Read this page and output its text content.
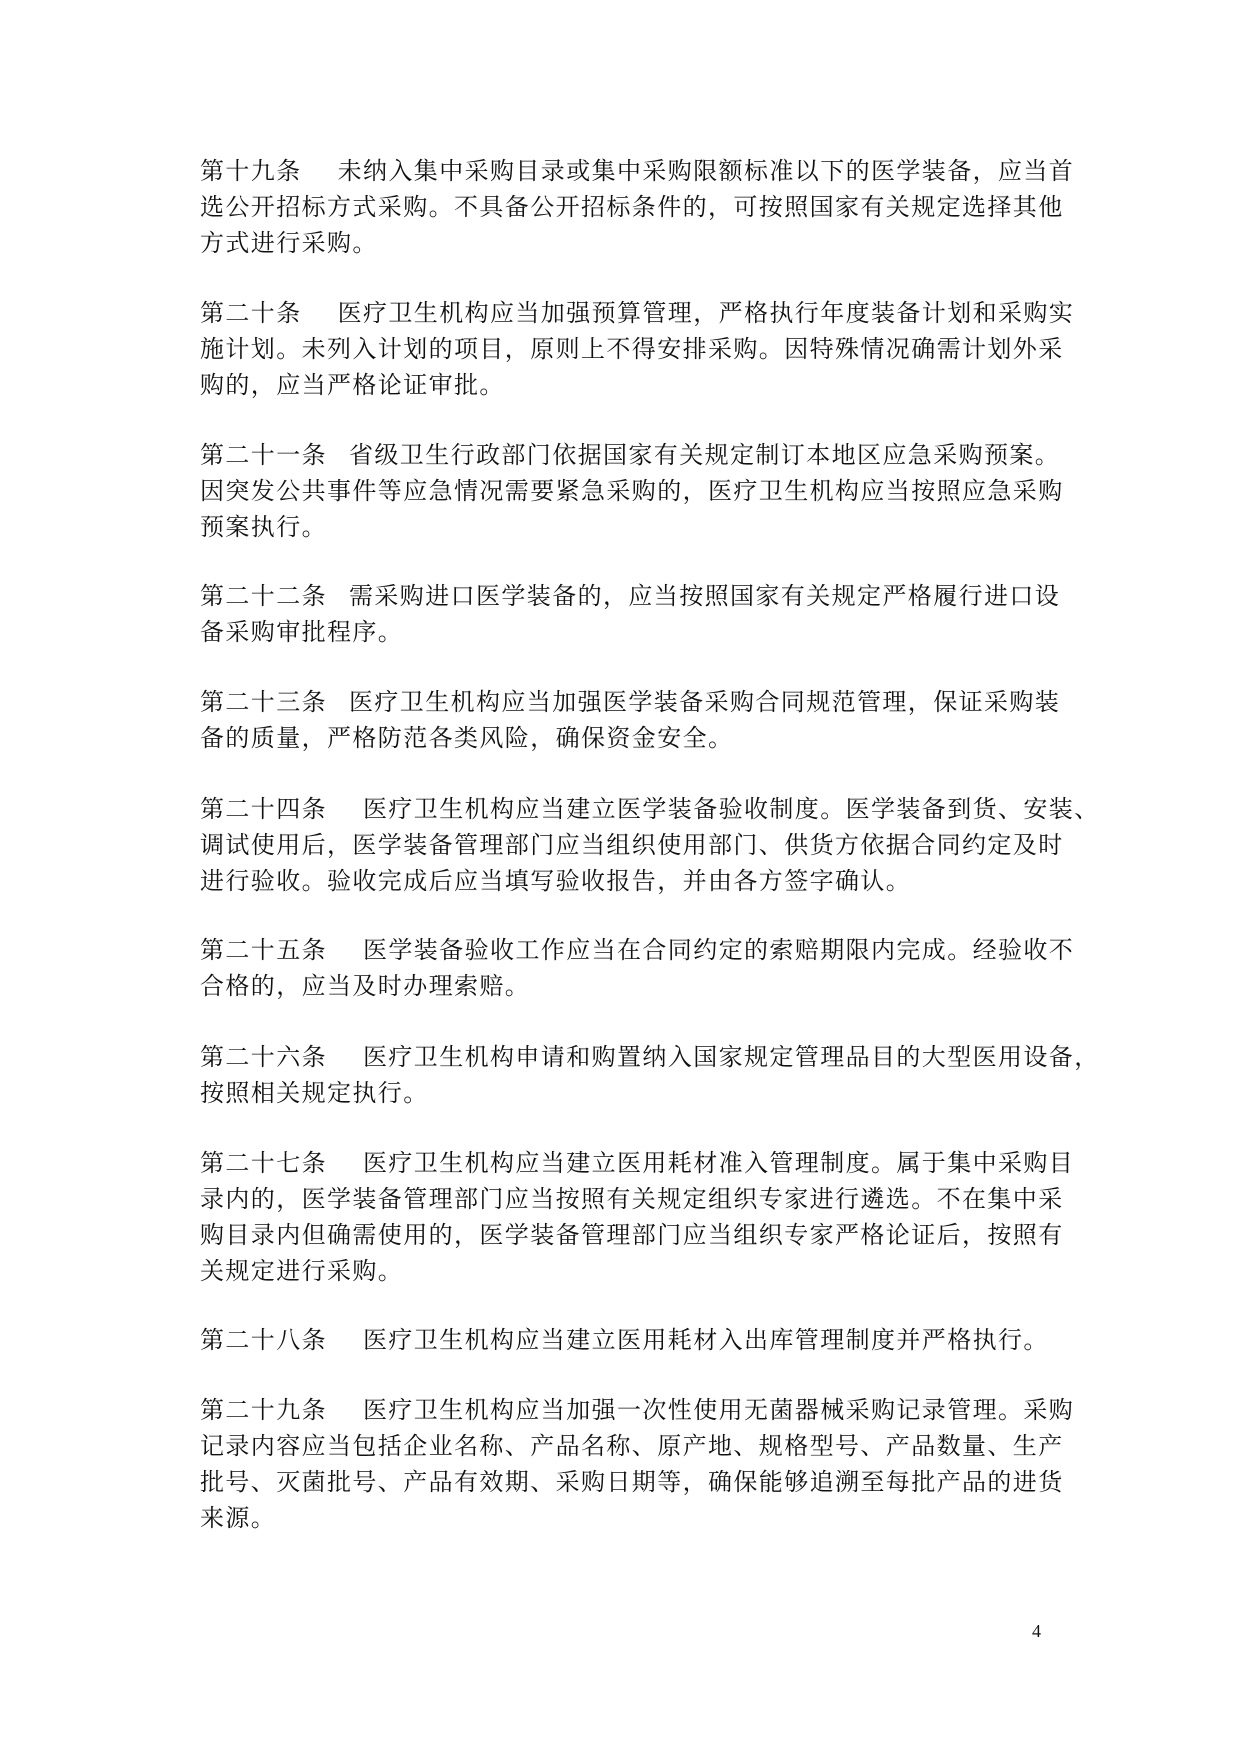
第十九条 未纳入集中采购目录或集中采购限额标准以下的医学装备，应当首
选公开招标方式采购。不具备公开招标条件的，可按照国家有关规定选择其他
方式进行采购。
第二十条 医疗卫生机构应当加强预算管理，严格执行年度装备计划和采购实
施计划。未列入计划的项目，原则上不得安排采购。因特殊情况确需计划外采
购的，应当严格论证审批。
第二十一条 省级卫生行政部门依据国家有关规定制订本地区应急采购预案。
因突发公共事件等应急情况需要紧急采购的，医疗卫生机构应当按照应急采购
预案执行。
第二十二条 需采购进口医学装备的，应当按照国家有关规定严格履行进口设
备采购审批程序。
第二十三条 医疗卫生机构应当加强医学装备采购合同规范管理，保证采购装
备的质量，严格防范各类风险，确保资金安全。
第二十四条 医疗卫生机构应当建立医学装备验收制度。医学装备到货、安装、
调试使用后，医学装备管理部门应当组织使用部门、供货方依据合同约定及时
进行验收。验收完成后应当填写验收报告，并由各方签字确认。
第二十五条 医学装备验收工作应当在合同约定的索赔期限内完成。经验收不
合格的，应当及时办理索赔。
第二十六条 医疗卫生机构申请和购置纳入国家规定管理品目的大型医用设备，
按照相关规定执行。
第二十七条 医疗卫生机构应当建立医用耗材准入管理制度。属于集中采购目
录内的，医学装备管理部门应当按照有关规定组织专家进行遴选。不在集中采
购目录内但确需使用的，医学装备管理部门应当组织专家严格论证后，按照有
关规定进行采购。
第二十八条 医疗卫生机构应当建立医用耗材入出库管理制度并严格执行。
第二十九条 医疗卫生机构应当加强一次性使用无菌器械采购记录管理。采购
记录内容应当包括企业名称、产品名称、原产地、规格型号、产品数量、生产
批号、灭菌批号、产品有效期、采购日期等，确保能够追溯至每批产品的进货
来源。
4
